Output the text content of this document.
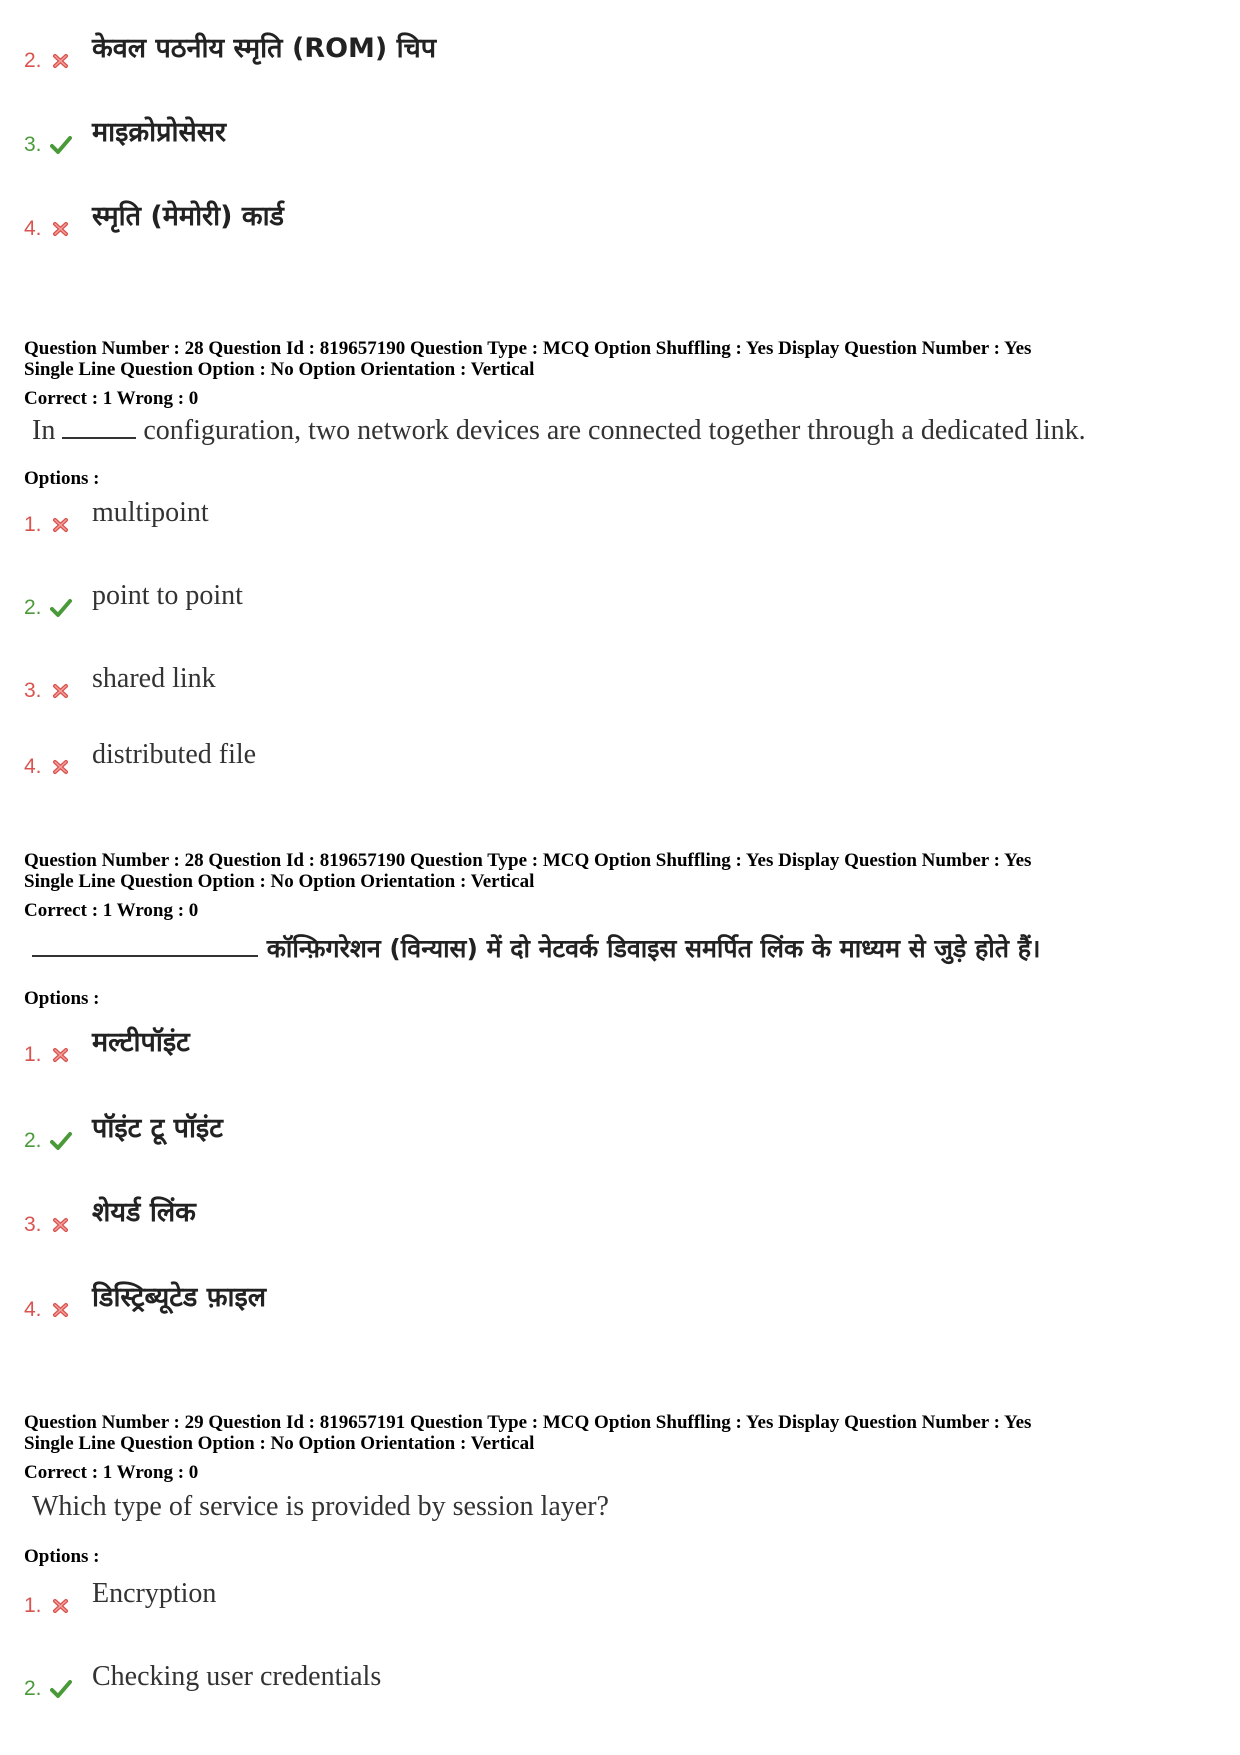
2. केवल पठनीय स्मृति (ROM) चिप
3. माइक्रोप्रोसेसर
4. स्मृति (मेमोरी) कार्ड
Question Number : 28 Question Id : 819657190 Question Type : MCQ Option Shuffling : Yes Display Question Number : Yes
Single Line Question Option : No Option Orientation : Vertical
Correct : 1 Wrong : 0
In	configuration, two network devices are connected together through a dedicated link.
Options :
1. multipoint
2. point to point
3. shared link
4. distributed file
Question Number : 28 Question Id : 819657190 Question Type : MCQ Option Shuffling : Yes Display Question Number : Yes
Single Line Question Option : No Option Orientation : Vertical
Correct : 1 Wrong : 0
कॉन्फ़िगरेशन (विन्यास) में दो नेटवर्क डिवाइस समर्पित लिंक के माध्यम से जुड़े होते हैं।
Options :
1. मल्टीपॉइंट
2. पॉइंट टू पॉइंट
3. शेयर्ड लिंक
4. डिस्ट्रिब्यूटेड फ़ाइल
Question Number : 29 Question Id : 819657191 Question Type : MCQ Option Shuffling : Yes Display Question Number : Yes
Single Line Question Option : No Option Orientation : Vertical
Correct : 1 Wrong : 0
Which type of service is provided by session layer?
Options :
1. Encryption
2. Checking user credentials
